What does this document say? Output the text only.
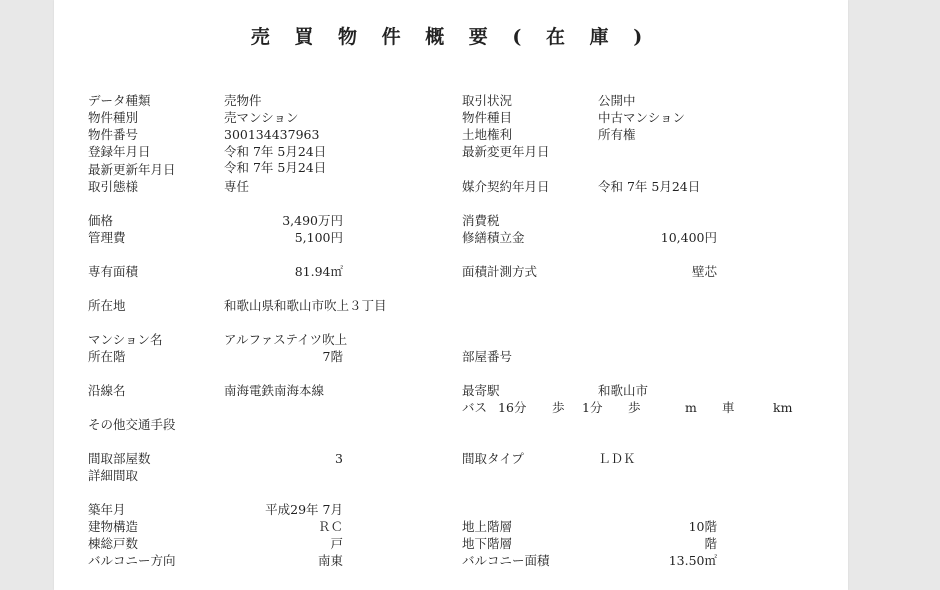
売 買 物 件 概 要 ( 在 庫 )
データ種類	売物件	取引状況	公開中
物件種別	売マンション	物件種目	中古マンション
物件番号	300134437963	土地権利	所有権
登録年月日	令和 7年 5月24日	最新変更年月日
最新更新年月日	令和 7年 5月24日
取引態様	専任	媒介契約年月日	令和 7年 5月24日
価格	3,490万円	消費税
管理費	5,100円	修繕積立金	10,400円
専有面積	81.94㎡	面積計測方式	壁芯
所在地	和歌山県和歌山市吹上３丁目
マンション名	アルファステイツ吹上
所在階	7階	部屋番号
沿線名	南海電鉄南海本線	最寄駅	和歌山市
バス 16分 歩 1分 歩	m 車	km
その他交通手段
間取部屋数	3	間取タイプ	ＬＤＫ
詳細間取
築年月	平成29年 7月
建物構造	ＲＣ	地上階層	10階
棟総戸数	戸	地下階層	階
バルコニー方向	南東	バルコニー面積	13.50㎡
